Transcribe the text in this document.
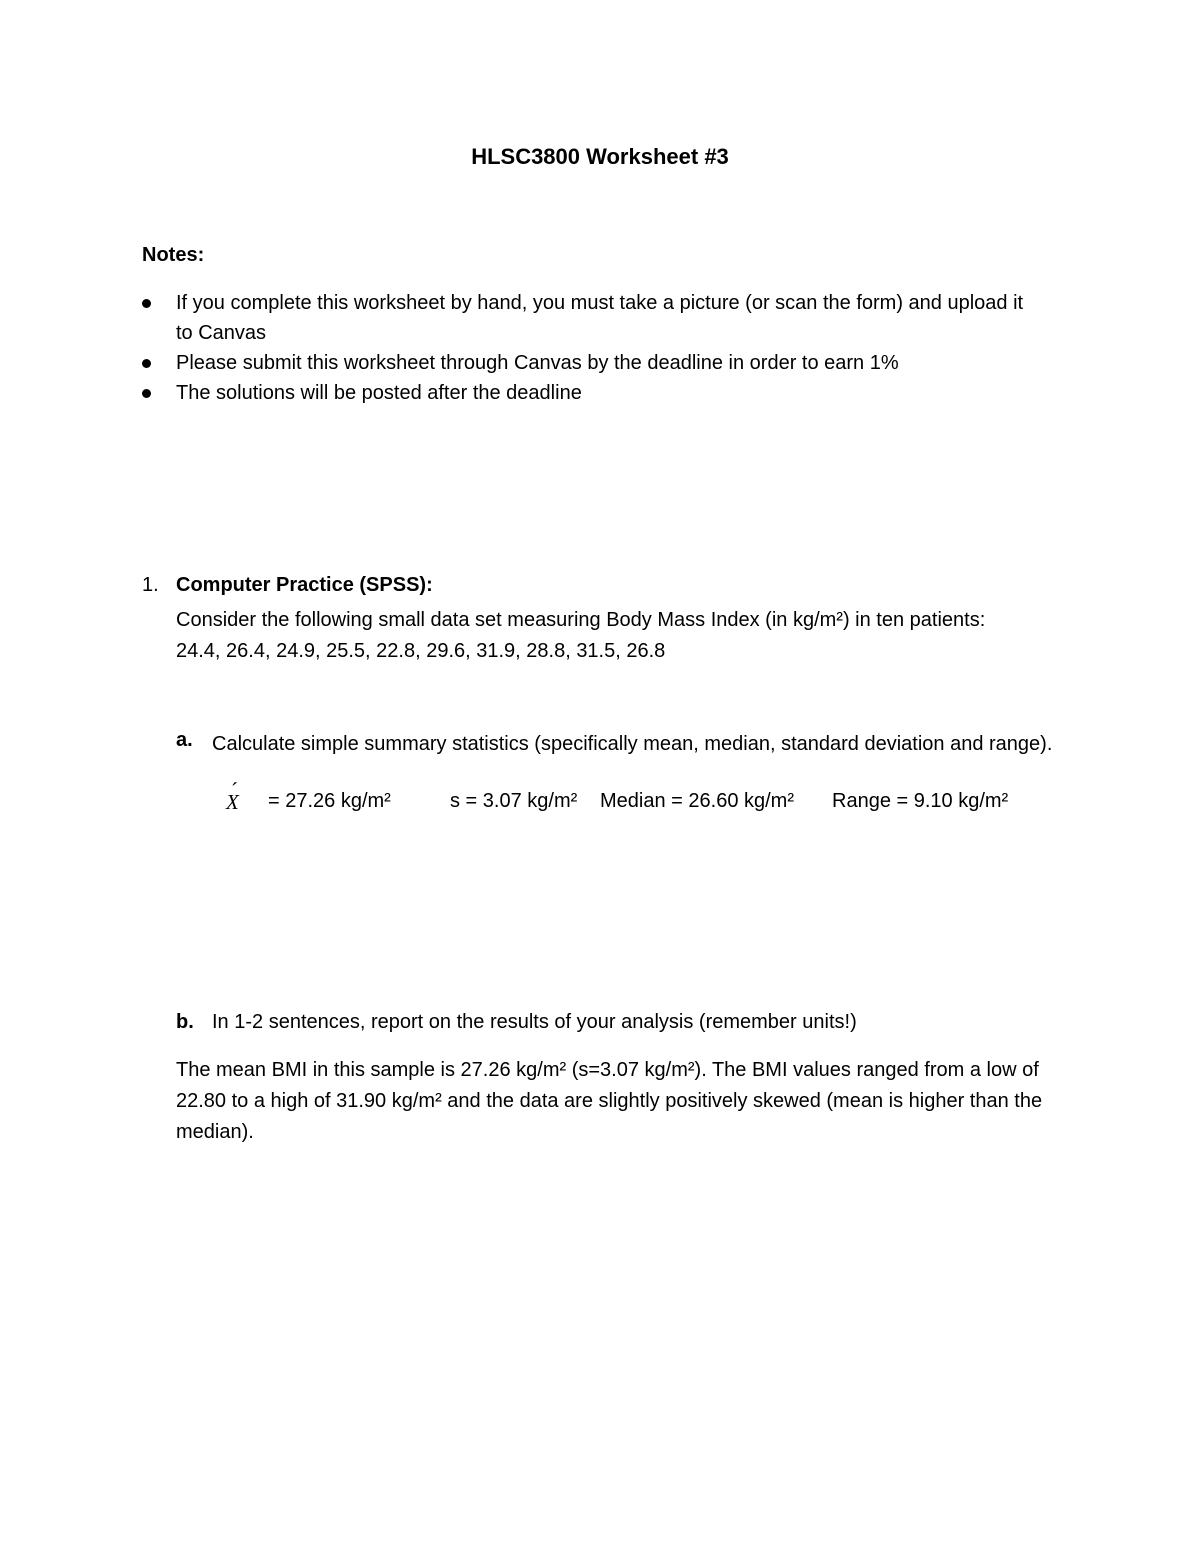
HLSC3800 Worksheet #3
Notes:
If you complete this worksheet by hand, you must take a picture (or scan the form) and upload it to Canvas
Please submit this worksheet through Canvas by the deadline in order to earn 1%
The solutions will be posted after the deadline
1. Computer Practice (SPSS):
Consider the following small data set measuring Body Mass Index (in kg/m²) in ten patients:
24.4, 26.4, 24.9, 25.5, 22.8, 29.6, 31.9, 28.8, 31.5, 26.8
a. Calculate simple summary statistics (specifically mean, median, standard deviation and range).
´ X = 27.26 kg/m²	s = 3.07 kg/m² Median = 26.60 kg/m² Range = 9.10 kg/m²
b. In 1-2 sentences, report on the results of your analysis (remember units!)
The mean BMI in this sample is 27.26 kg/m² (s=3.07 kg/m²). The BMI values ranged from a low of 22.80 to a high of 31.90 kg/m² and the data are slightly positively skewed (mean is higher than the median).
